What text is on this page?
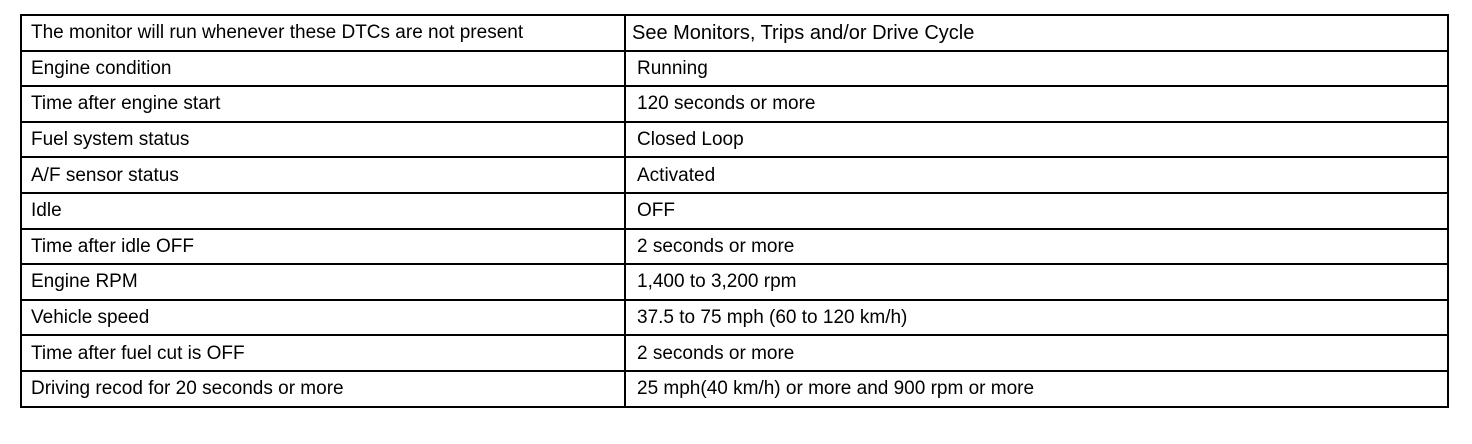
The monitor will run whenever these DTCs are not present	See Monitors, Trips and/or Drive Cycle
Engine condition	Running
Time after engine start	120 seconds or more
Fuel system status	Closed Loop
A/F sensor status	Activated
Idle	OFF
Time after idle OFF	2 seconds or more
Engine RPM	1,400 to 3,200 rpm
Vehicle speed	37.5 to 75 mph (60 to 120 km/h)
Time after fuel cut is OFF	2 seconds or more
Driving recod for 20 seconds or more	25 mph(40 km/h) or more and 900 rpm or more
